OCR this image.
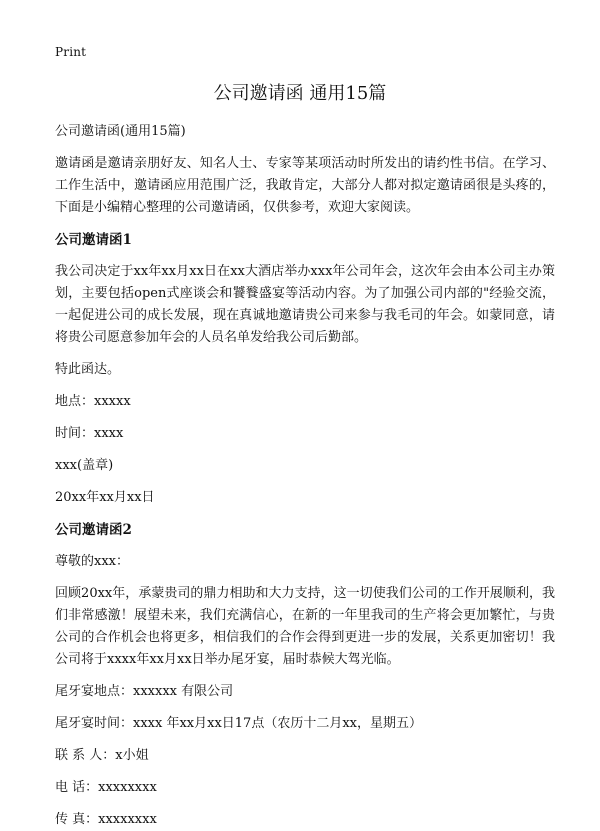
Print
公司邀请函 通用15篇

公司邀请函(通用15篇)

邀请函是邀请亲朋好友、知名人士、专家等某项活动时所发出的请约性书信。在学习、工作生活中，邀请函应用范围广泛，我敢肯定，大部分人都对拟定邀请函很是头疼的，下面是小编精心整理的公司邀请函，仅供参考，欢迎大家阅读。

公司邀请函1

我公司决定于xx年xx月xx日在xx大酒店举办xxx年公司年会，这次年会由本公司主办策划，主要包括open式座谈会和饕餮盛宴等活动内容。为了加强公司内部的"经验交流，一起促进公司的成长发展，现在真诚地邀请贵公司来参与我毛司的年会。如蒙同意，请将贵公司愿意参加年会的人员名单发给我公司后勤部。

特此函达。

地点：xxxxx

时间：xxxx

xxx(盖章)

20xx年xx月xx日

公司邀请函2

尊敬的xxx：

回顾20xx年，承蒙贵司的鼎力相助和大力支持，这一切使我们公司的工作开展顺利，我们非常感激！展望未来，我们充满信心，在新的一年里我司的生产将会更加繁忙，与贵公司的合作机会也将更多，相信我们的合作会得到更进一步的发展，关系更加密切！我公司将于xxxx年xx月xx日举办尾牙宴，届时恭候大驾光临。

尾牙宴地点：xxxxxx 有限公司

尾牙宴时间：xxxx 年xx月xx日17点（农历十二月xx，星期五）

联 系 人：x小姐

电 话：xxxxxxxx

传 真：xxxxxxxx
